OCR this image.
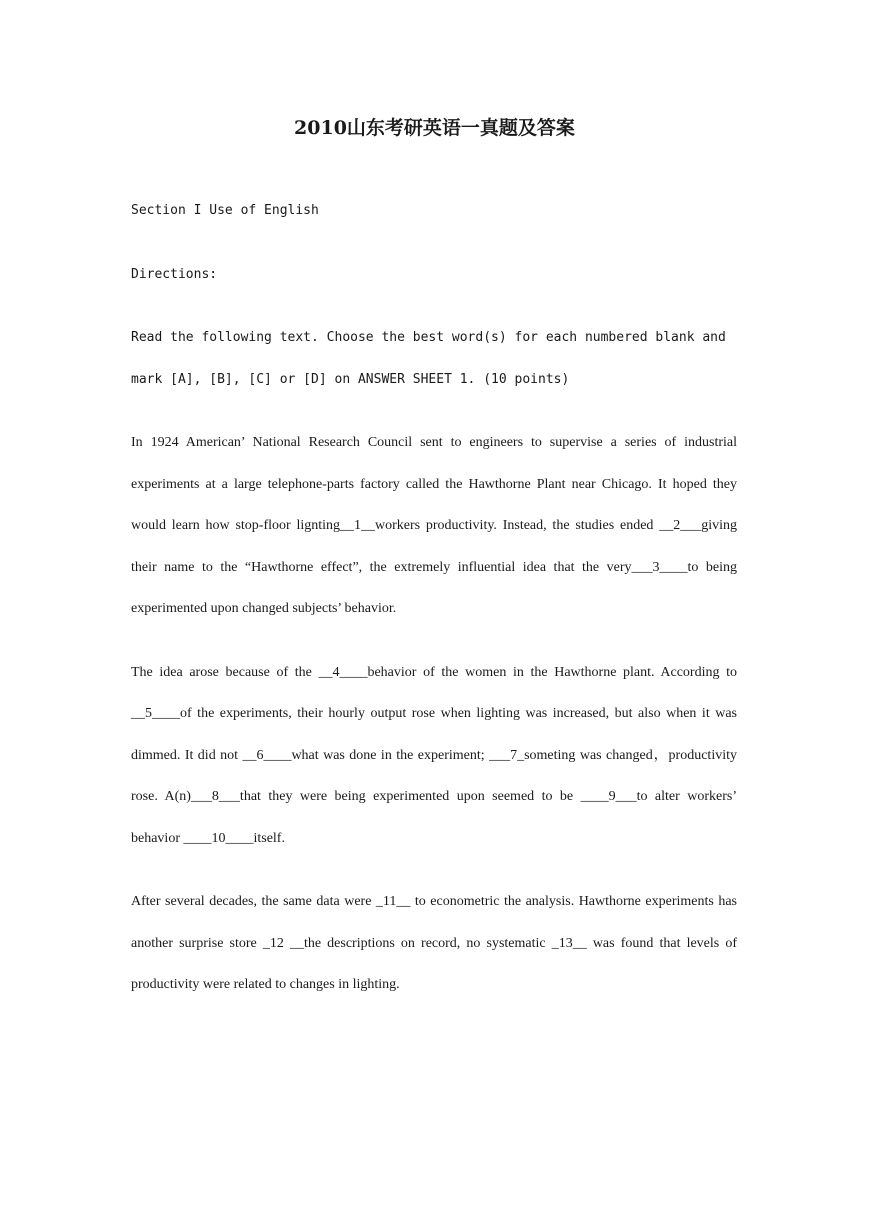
2010山东考研英语一真题及答案

Section I Use of English

Directions:

Read the following text. Choose the best word(s) for each numbered blank and mark [A], [B], [C] or [D] on ANSWER SHEET 1. (10 points)

In 1924 American’ National Research Council sent to engineers to supervise a series of industrial experiments at a large telephone-parts factory called the Hawthorne Plant near Chicago. It hoped they would learn how stop-floor lignting__1__workers productivity. Instead, the studies ended __2___giving their name to the “Hawthorne effect”, the extremely influential idea that the very___3____to being experimented upon changed subjects’ behavior.

The idea arose because of the __4____behavior of the women in the Hawthorne plant. According to __5____of the experiments, their hourly output rose when lighting was increased, but also when it was dimmed. It did not __6____what was done in the experiment; ___7_someting was changed，productivity rose. A(n)___8___that they were being experimented upon seemed to be ____9___to alter workers’ behavior ____10____itself.

After several decades, the same data were _11__ to econometric the analysis. Hawthorne experiments has another surprise store _12 __the descriptions on record, no systematic _13__ was found that levels of productivity were related to changes in lighting.
